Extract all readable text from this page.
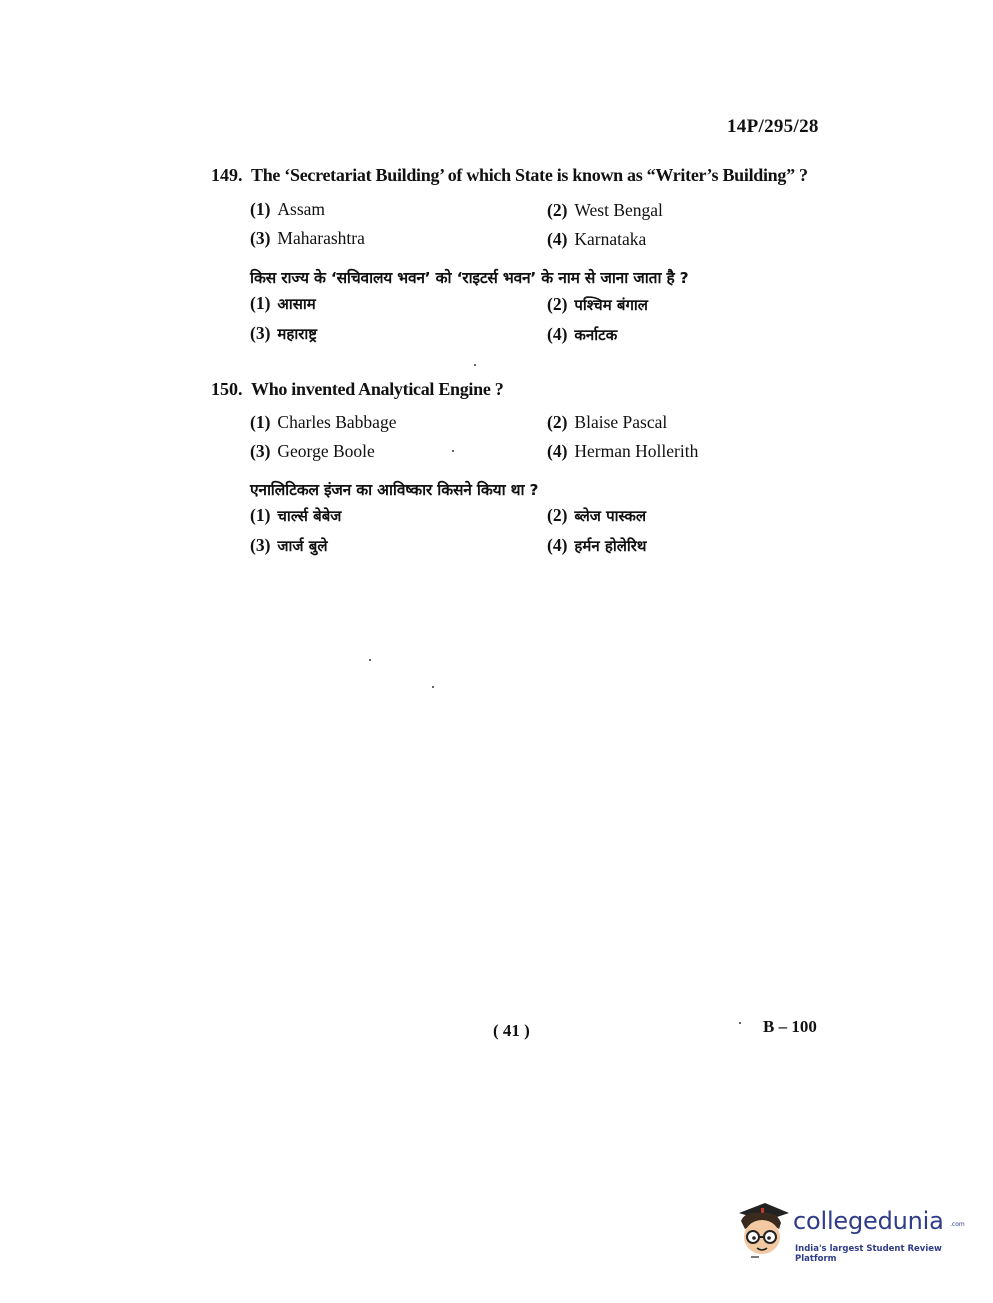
14P/295/28
149. The ‘Secretariat Building’ of which State is known as “Writer’s Building” ?
(1) Assam	(2) West Bengal
(3) Maharashtra	(4) Karnataka
किस राज्य के ‘सचिवालय भवन’ को ‘राइटर्स भवन’ के नाम से जाना जाता है ?
(1) आसाम	(2) पश्चिम बंगाल
(3) महाराष्ट्र	(4) कर्नाटक
150. Who invented Analytical Engine ?
(1) Charles Babbage	(2) Blaise Pascal
(3) George Boole	(4) Herman Hollerith
एनालिटिकल इंजन का आविष्कार किसने किया था ?
(1) चार्ल्स बेबेज	(2) ब्लेज पास्कल
(3) जार्ज बुले	(4) हर्मन होलेरिथ
( 41 )	B – 100
collegedunia .com
India's largest Student Review Platform
